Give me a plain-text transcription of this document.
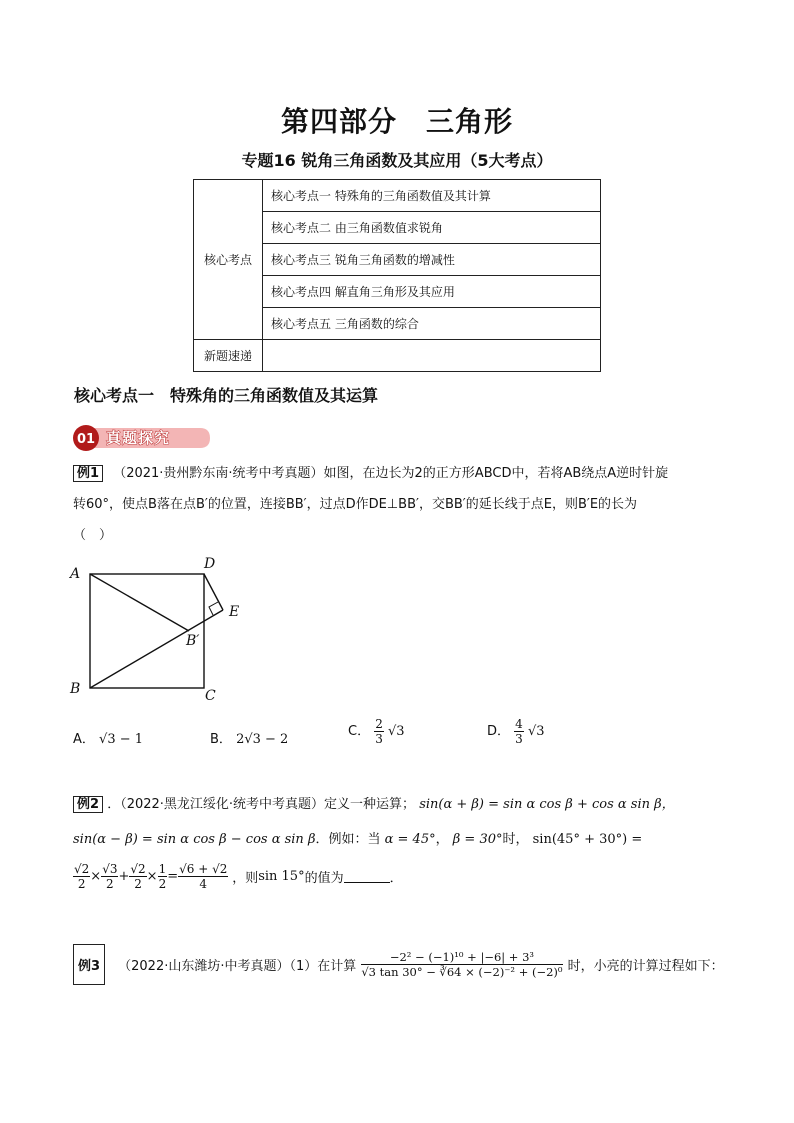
第四部分　三角形
专题16 锐角三角函数及其应用（5大考点）
核心考点	核心考点一 特殊角的三角函数值及其计算
	核心考点二 由三角函数值求锐角
	核心考点三 锐角三角函数的增减性
	核心考点四 解直角三角形及其应用
	核心考点五 三角函数的综合
新题速递	
核心考点一　特殊角的三角函数值及其运算
01 真题探究
例1 （2021·贵州黔东南·统考中考真题）如图，在边长为2的正方形ABCD中，若将AB绕点A逆时针旋
转60°，使点B落在点B′的位置，连接BB′，过点D作DE⊥BB′，交BB′的延长线于点E，则B′E的长为
（　）
A
B	C
D
E
B′
A． √3 − 1	B． 2√3 − 2
C． $\frac{2}{3} √3$	D． $\frac{4}{3} √3$
例2 ．（2022·黑龙江绥化·统考中考真题）定义一种运算； sin(α + β) = sin α cos β + cos α sin β，
sin(α − β) = sin α cos β − cos α sin β．例如：当 α = 45°， β = 30°时， sin(45° + 30°) =
$\frac{√2}{2} \times \frac{√3}{2} + \frac{√2}{2} \times \frac{1}{2} = \frac{√6 + √2}{4}$ ，则sin 15°的值为	．
例3 （2022·山东潍坊·中考真题）（1）在计算 $\frac{\text{−2² − (−1)¹⁰ + |−6| + 3³}}{\text{√3 tan 30° − ∛64 × (−2)⁻² + (−2)⁰}}$ 时，小亮的计算过程如下：
